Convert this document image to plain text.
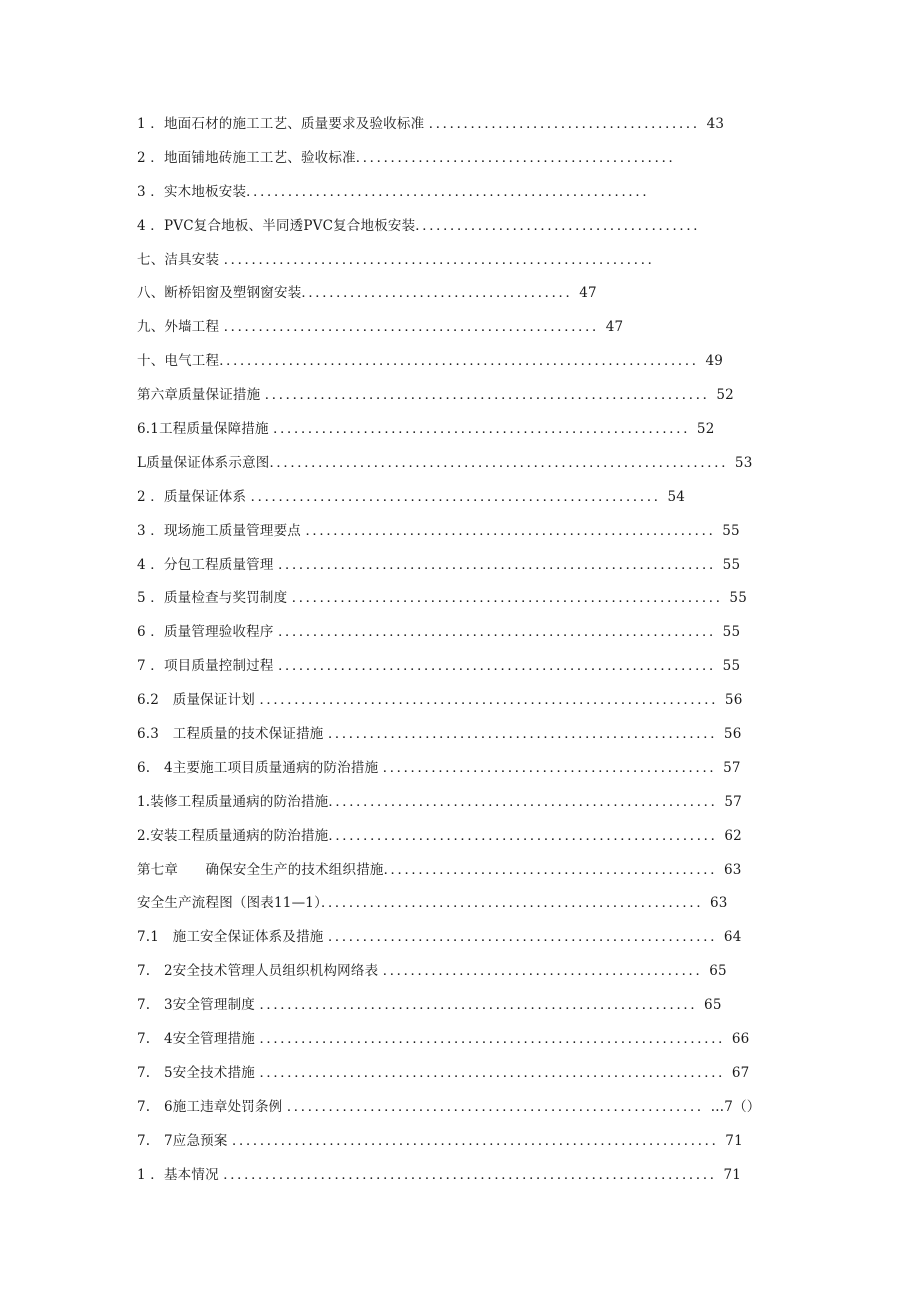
1 ．地面石材的施工工艺、质量要求及验收标准 ．．．．．．．．．．．．．．．．．．．．．．．．．．．．．．．．．．．．．．．43
2 ．地面铺地砖施工工艺、验收标准．．．．．．．．．．．．．．．．．．．．．．．．．．．．．．．．．．．．．．．．．．．．．．
3 ．实木地板安装．．．．．．．．．．．．．．．．．．．．．．．．．．．．．．．．．．．．．．．．．．．．．．．．．．．．．．．．．．
4 ．PVC复合地板、半同透PVC复合地板安装．．．．．．．．．．．．．．．．．．．．．．．．．．．．．．．．．．．．．．．．．
七、洁具安装 ．．．．．．．．．．．．．．．．．．．．．．．．．．．．．．．．．．．．．．．．．．．．．．．．．．．．．．．．．．．．．．
八、断桥铝窗及塑钢窗安装．．．．．．．．．．．．．．．．．．．．．．．．．．．．．．．．．．．．．．．47
九、外墙工程 ．．．．．．．．．．．．．．．．．．．．．．．．．．．．．．．．．．．．．．．．．．．．．．．．．．．．．．47
十、电气工程．．．．．．．．．．．．．．．．．．．．．．．．．．．．．．．．．．．．．．．．．．．．．．．．．．．．．．．．．．．．．．．．．．．．．49
第六章质量保证措施 ．．．．．．．．．．．．．．．．．．．．．．．．．．．．．．．．．．．．．．．．．．．．．．．．．．．．．．．．．．．．．．．．52
6.1工程质量保障措施 ．．．．．．．．．．．．．．．．．．．．．．．．．．．．．．．．．．．．．．．．．．．．．．．．．．．．．．．．．．．．52
L质量保证体系示意图．．．．．．．．．．．．．．．．．．．．．．．．．．．．．．．．．．．．．．．．．．．．．．．．．．．．．．．．．．．．．．．．．．53
2 ．质量保证体系 ．．．．．．．．．．．．．．．．．．．．．．．．．．．．．．．．．．．．．．．．．．．．．．．．．．．．．．．．．．．54
3 ．现场施工质量管理要点 ．．．．．．．．．．．．．．．．．．．．．．．．．．．．．．．．．．．．．．．．．．．．．．．．．．．．．．．．．．．55
4 ．分包工程质量管理 ．．．．．．．．．．．．．．．．．．．．．．．．．．．．．．．．．．．．．．．．．．．．．．．．．．．．．．．．．．．．．．．55
5 ．质量检查与奖罚制度 ．．．．．．．．．．．．．．．．．．．．．．．．．．．．．．．．．．．．．．．．．．．．．．．．．．．．．．．．．．．．．．55
6 ．质量管理验收程序 ．．．．．．．．．．．．．．．．．．．．．．．．．．．．．．．．．．．．．．．．．．．．．．．．．．．．．．．．．．．．．．．55
7 ．项目质量控制过程 ．．．．．．．．．．．．．．．．．．．．．．．．．．．．．．．．．．．．．．．．．．．．．．．．．．．．．．．．．．．．．．．55
6.2　质量保证计划 ．．．．．．．．．．．．．．．．．．．．．．．．．．．．．．．．．．．．．．．．．．．．．．．．．．．．．．．．．．．．．．．．．．56
6.3　工程质量的技术保证措施 ．．．．．．．．．．．．．．．．．．．．．．．．．．．．．．．．．．．．．．．．．．．．．．．．．．．．．．．．56
6.　4主要施工项目质量通病的防治措施 ．．．．．．．．．．．．．．．．．．．．．．．．．．．．．．．．．．．．．．．．．．．．．．．．57
1.装修工程质量通病的防治措施．．．．．．．．．．．．．．．．．．．．．．．．．．．．．．．．．．．．．．．．．．．．．．．．．．．．．．．．57
2.安装工程质量通病的防治措施．．．．．．．．．．．．．．．．．．．．．．．．．．．．．．．．．．．．．．．．．．．．．．．．．．．．．．．．62
第七章　　确保安全生产的技术组织措施．．．．．．．．．．．．．．．．．．．．．．．．．．．．．．．．．．．．．．．．．．．．．．．．63
安全生产流程图（图表11—1）．．．．．．．．．．．．．．．．．．．．．．．．．．．．．．．．．．．．．．．．．．．．．．．．．．．．．．．63
7.1　施工安全保证体系及措施 ．．．．．．．．．．．．．．．．．．．．．．．．．．．．．．．．．．．．．．．．．．．．．．．．．．．．．．．．64
7.　2安全技术管理人员组织机构网络表 ．．．．．．．．．．．．．．．．．．．．．．．．．．．．．．．．．．．．．．．．．．．．．．65
7.　3安全管理制度 ．．．．．．．．．．．．．．．．．．．．．．．．．．．．．．．．．．．．．．．．．．．．．．．．．．．．．．．．．．．．．．．65
7.　4安全管理措施 ．．．．．．．．．．．．．．．．．．．．．．．．．．．．．．．．．．．．．．．．．．．．．．．．．．．．．．．．．．．．．．．．．．．66
7.　5安全技术措施 ．．．．．．．．．．．．．．．．．．．．．．．．．．．．．．．．．．．．．．．．．．．．．．．．．．．．．．．．．．．．．．．．．．．67
7.　6施工违章处罚条例 ．．．．．．．．．．．．．．．．．．．．．．．．．．．．．．．．．．．．．．．．．．．．．．．．．．．．．．．．．．．．…7（）
7.　7应急预案 ．．．．．．．．．．．．．．．．．．．．．．．．．．．．．．．．．．．．．．．．．．．．．．．．．．．．．．．．．．．．．．．．．．．．．．71
1 ．基本情况 ．．．．．．．．．．．．．．．．．．．．．．．．．．．．．．．．．．．．．．．．．．．．．．．．．．．．．．．．．．．．．．．．．．．．．．．71
